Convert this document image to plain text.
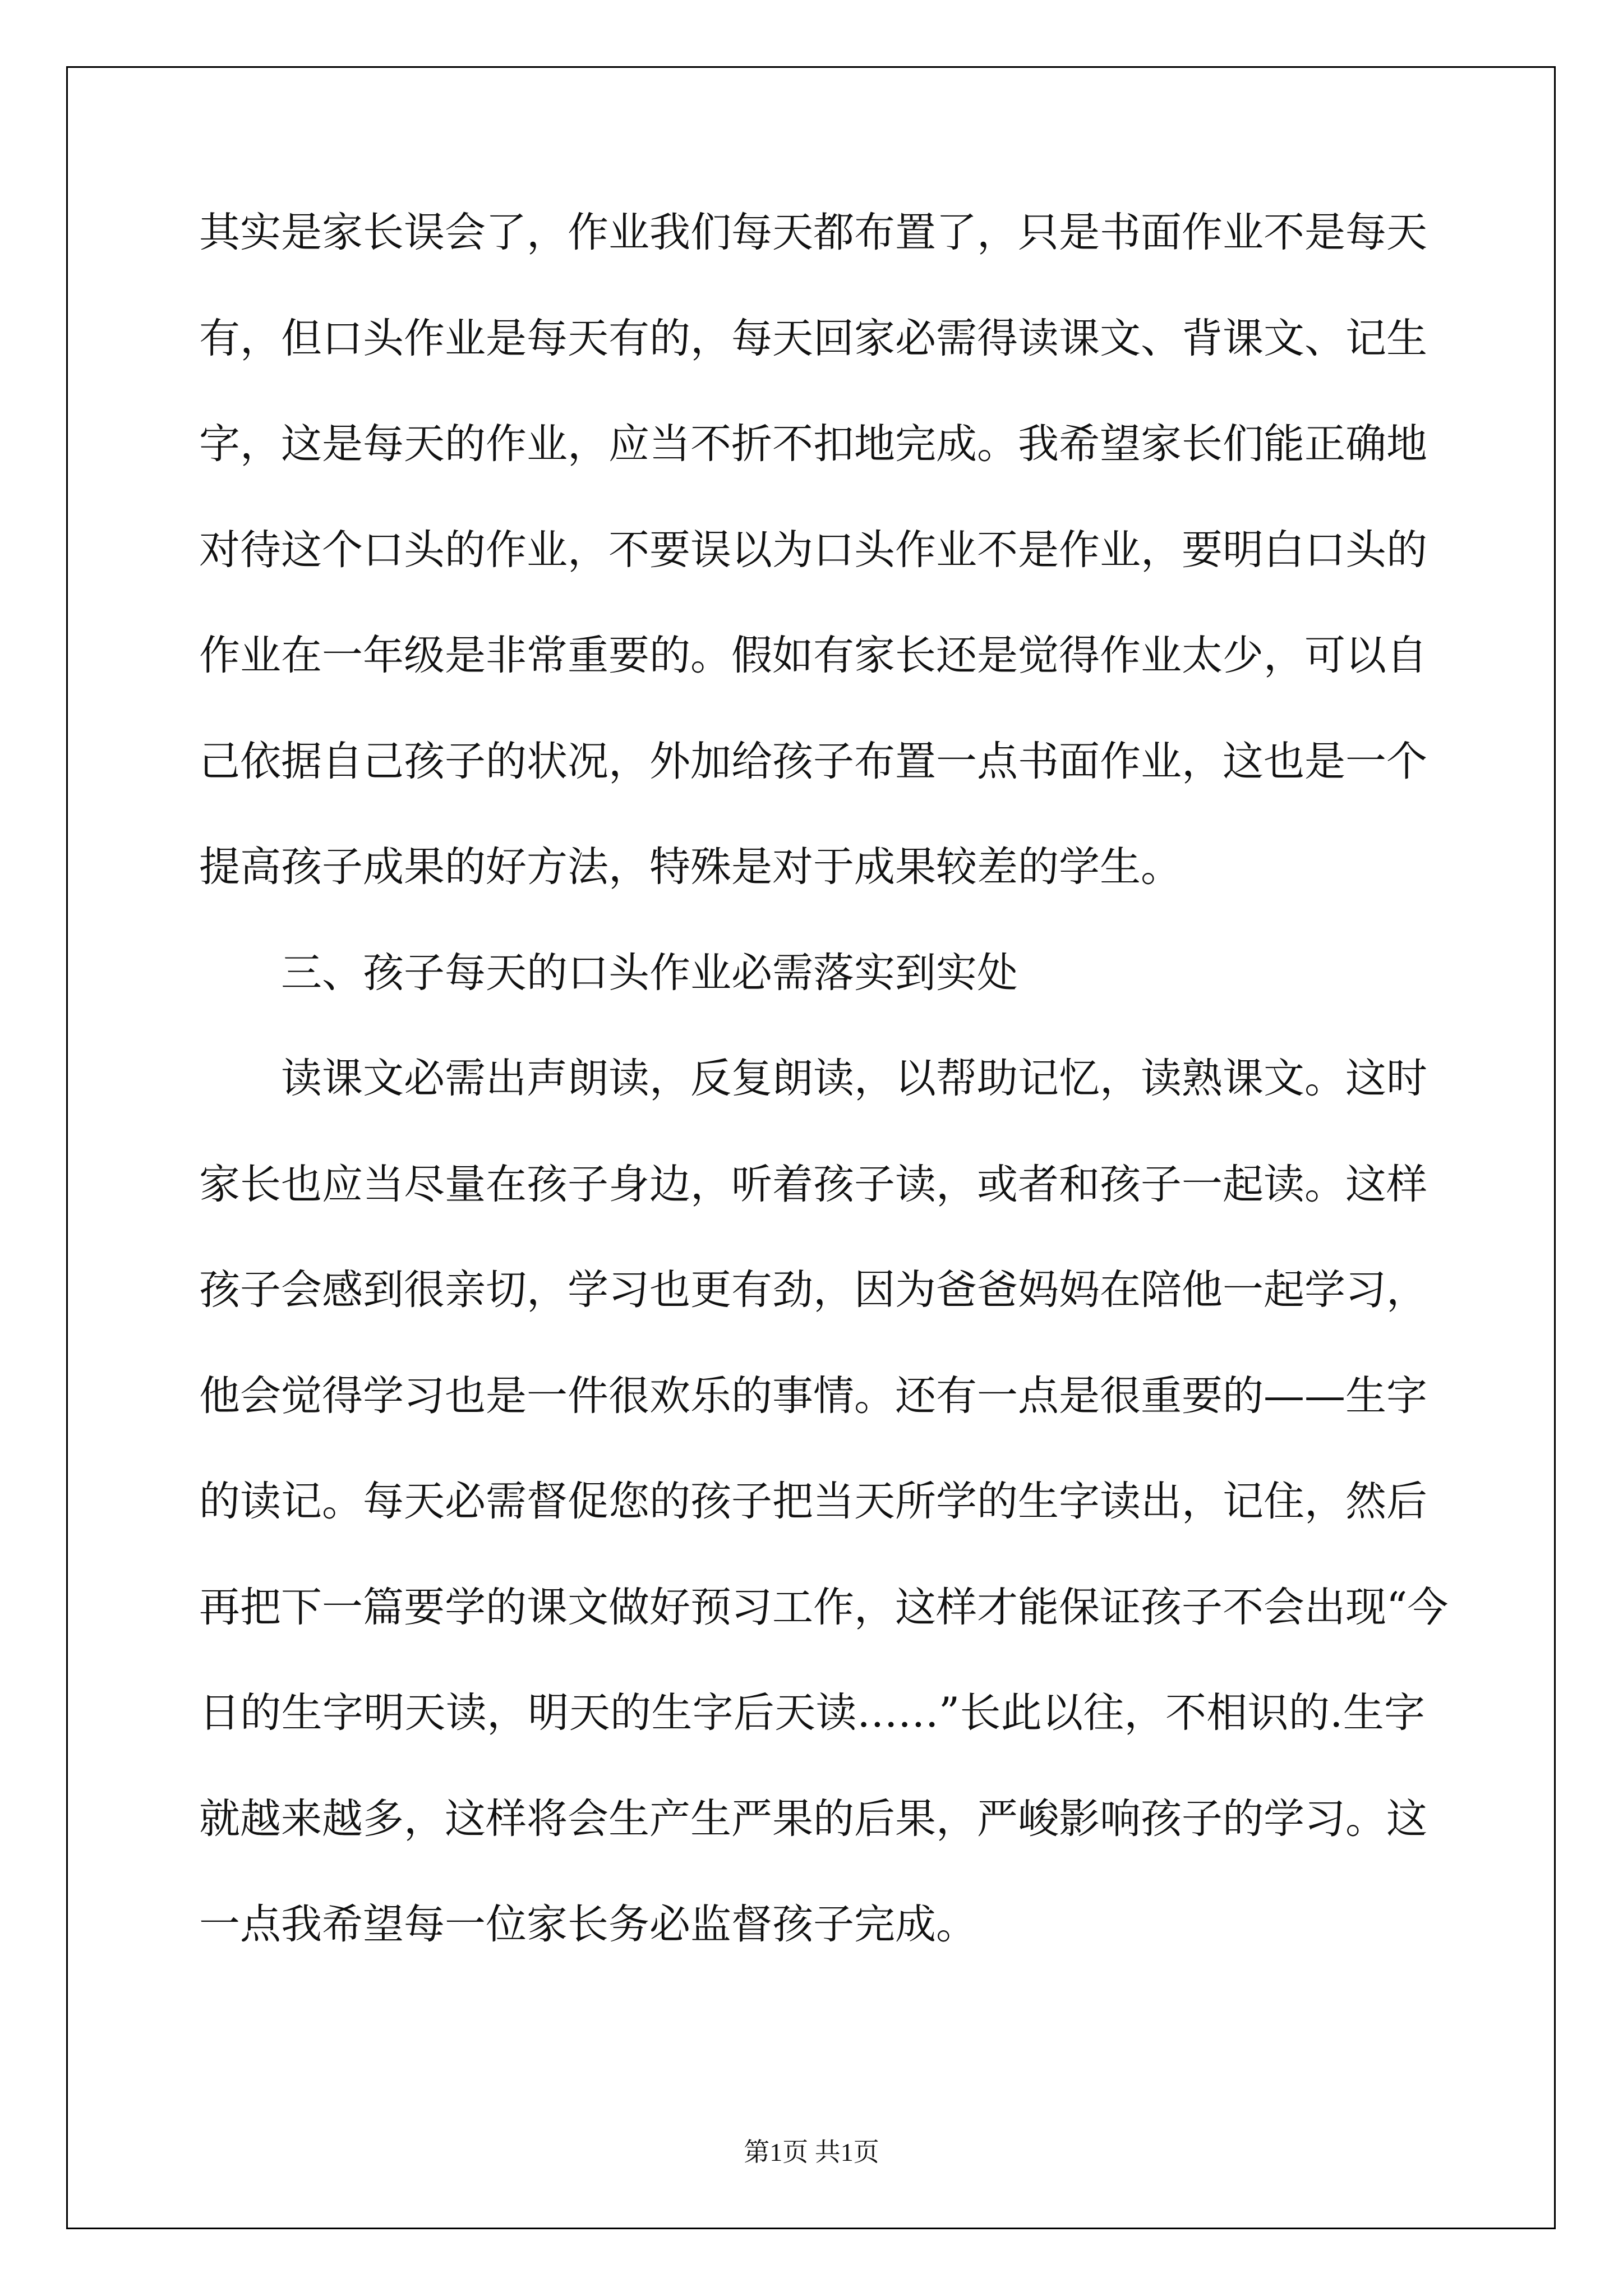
其实是家长误会了，作业我们每天都布置了，只是书面作业不是每天
有，但口头作业是每天有的，每天回家必需得读课文、背课文、记生
字，这是每天的作业，应当不折不扣地完成。我希望家长们能正确地
对待这个口头的作业，不要误以为口头作业不是作业，要明白口头的
作业在一年级是非常重要的。假如有家长还是觉得作业太少，可以自
己依据自己孩子的状况，外加给孩子布置一点书面作业，这也是一个
提高孩子成果的好方法，特殊是对于成果较差的学生。
三、孩子每天的口头作业必需落实到实处
读课文必需出声朗读，反复朗读，以帮助记忆，读熟课文。这时
家长也应当尽量在孩子身边，听着孩子读，或者和孩子一起读。这样
孩子会感到很亲切，学习也更有劲，因为爸爸妈妈在陪他一起学习，
他会觉得学习也是一件很欢乐的事情。还有一点是很重要的——生字
的读记。每天必需督促您的孩子把当天所学的生字读出，记住，然后
再把下一篇要学的课文做好预习工作，这样才能保证孩子不会出现“今
日的生字明天读，明天的生字后天读……”长此以往，不相识的.生字
就越来越多，这样将会生产生严果的后果，严峻影响孩子的学习。这
一点我希望每一位家长务必监督孩子完成。
第1页 共1页
